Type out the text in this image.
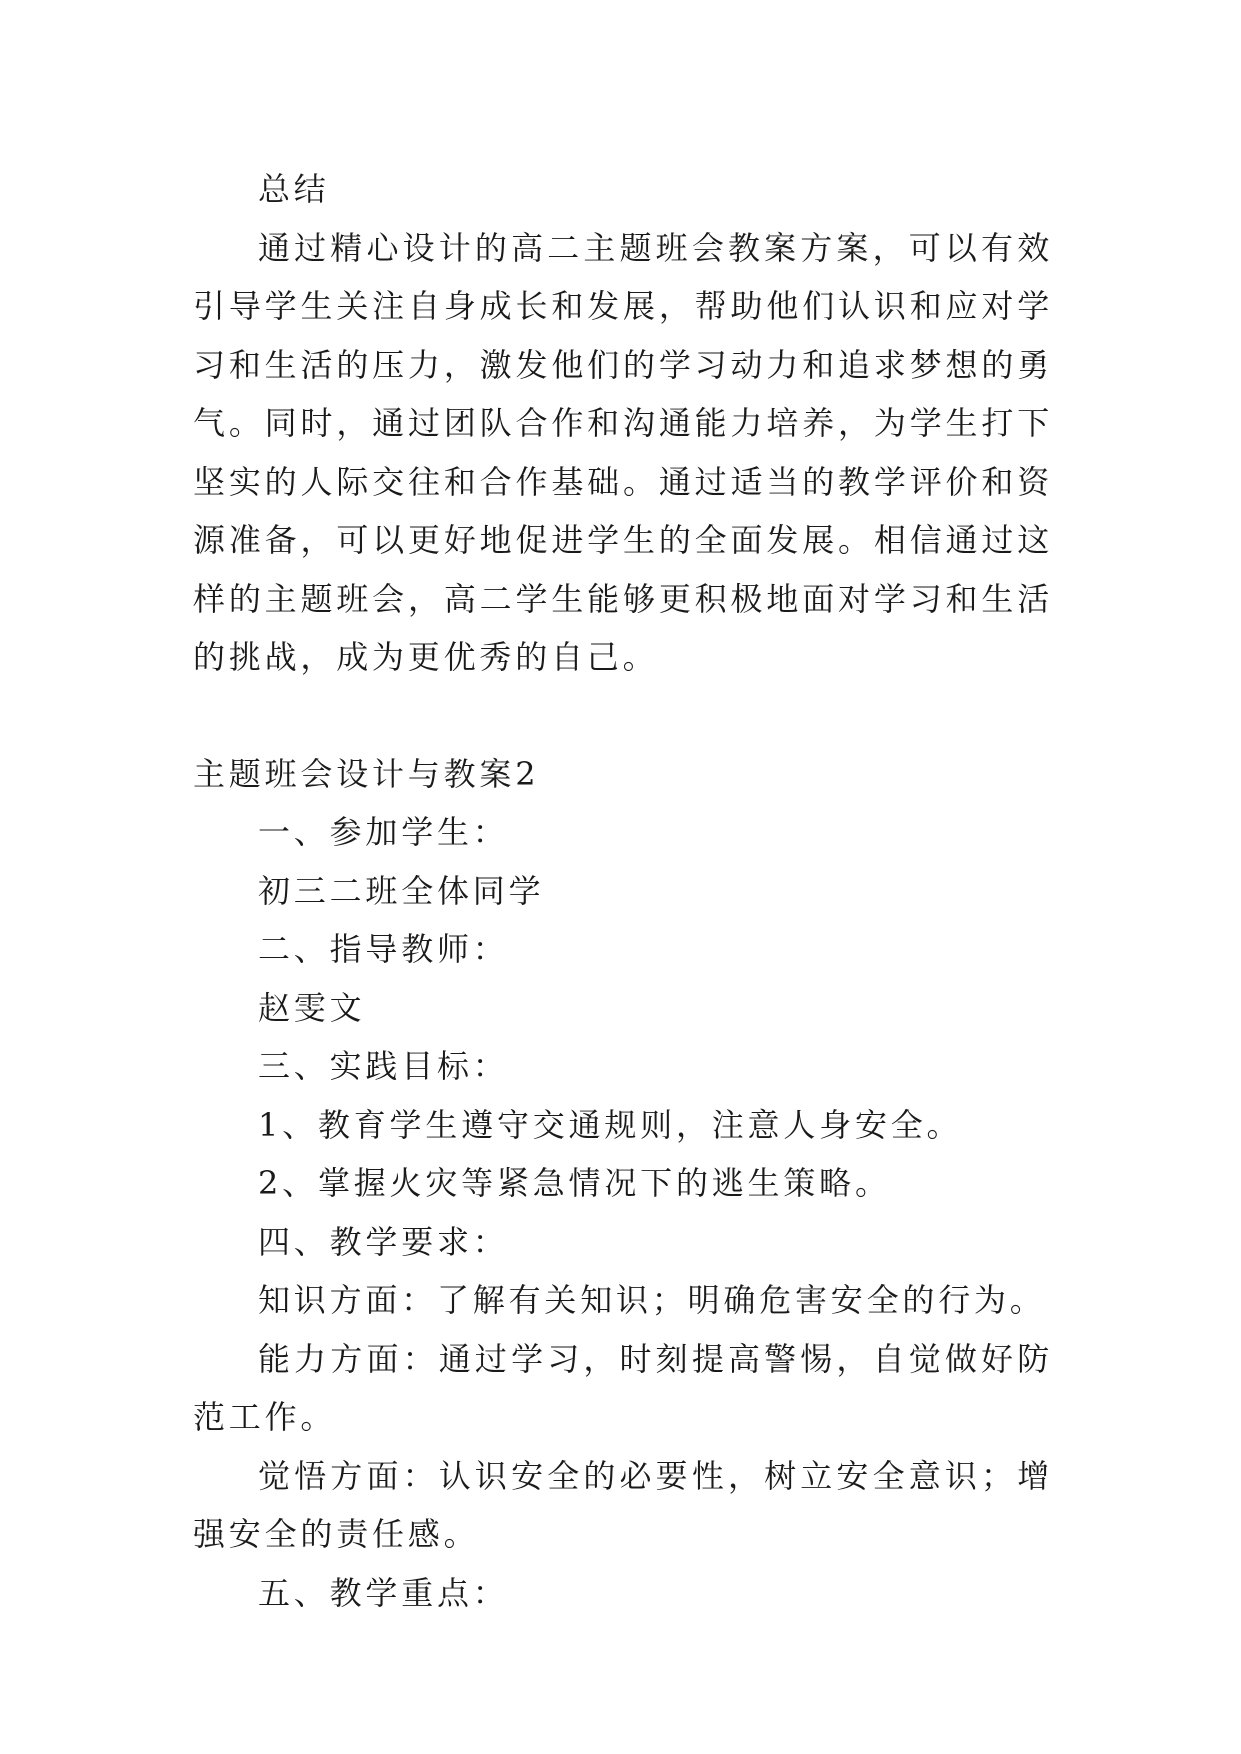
总结

通过精心设计的高二主题班会教案方案，可以有效引导学生关注自身成长和发展，帮助他们认识和应对学习和生活的压力，激发他们的学习动力和追求梦想的勇气。同时，通过团队合作和沟通能力培养，为学生打下坚实的人际交往和合作基础。通过适当的教学评价和资源准备，可以更好地促进学生的全面发展。相信通过这样的主题班会，高二学生能够更积极地面对学习和生活的挑战，成为更优秀的自己。

主题班会设计与教案2

一、参加学生：

初三二班全体同学

二、指导教师：

赵雯文

三、实践目标：

1、教育学生遵守交通规则，注意人身安全。

2、掌握火灾等紧急情况下的逃生策略。

四、教学要求：

知识方面：了解有关知识；明确危害安全的行为。

能力方面：通过学习，时刻提高警惕，自觉做好防范工作。

觉悟方面：认识安全的必要性，树立安全意识；增强安全的责任感。

五、教学重点：
